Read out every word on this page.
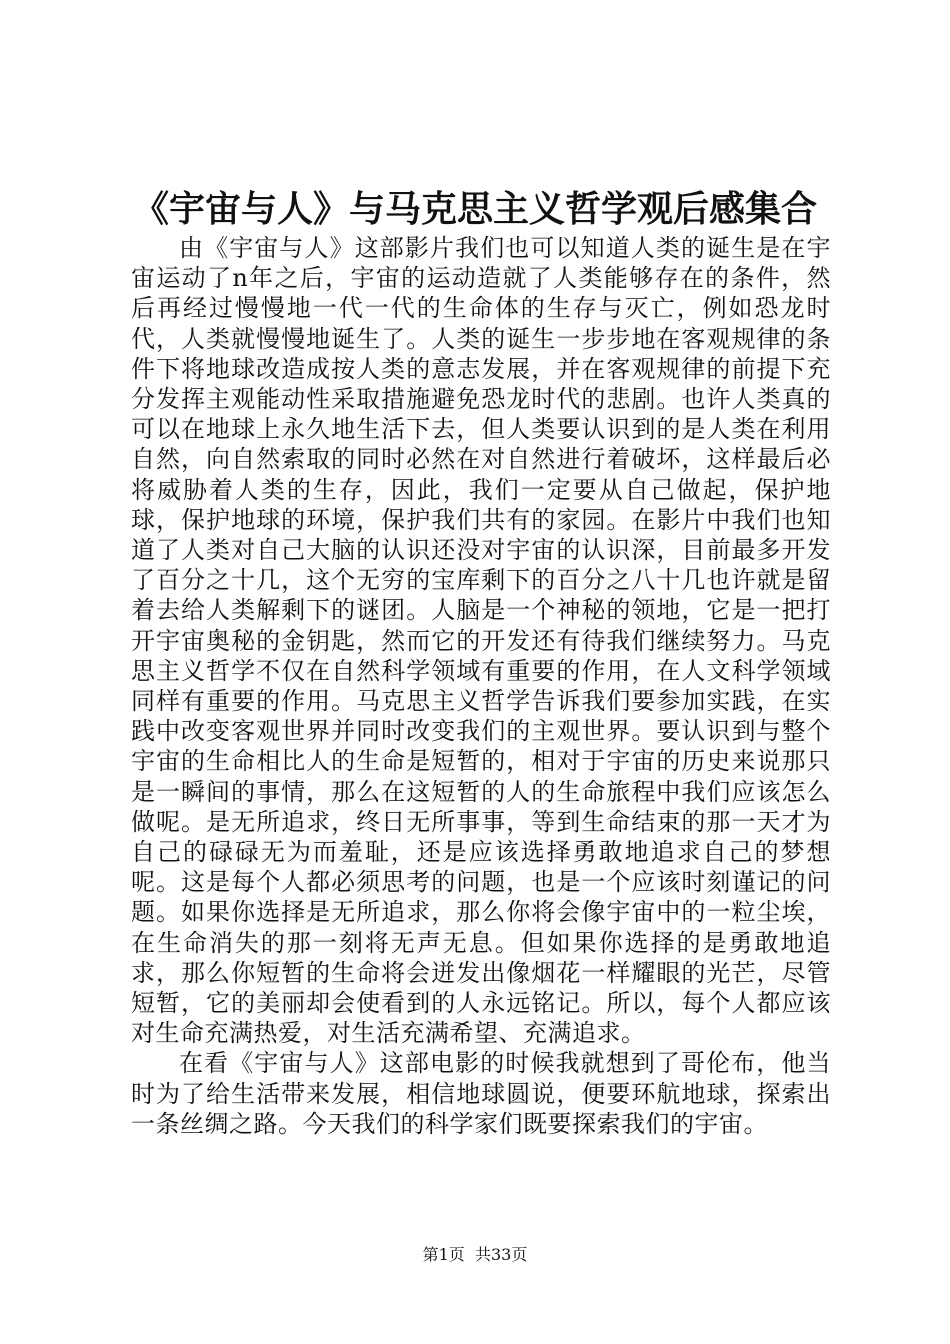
《宇宙与人》与马克思主义哲学观后感集合

由《宇宙与人》这部影片我们也可以知道人类的诞生是在宇宙运动了n年之后，宇宙的运动造就了人类能够存在的条件，然后再经过慢慢地一代一代的生命体的生存与灭亡，例如恐龙时代，人类就慢慢地诞生了。人类的诞生一步步地在客观规律的条件下将地球改造成按人类的意志发展，并在客观规律的前提下充分发挥主观能动性采取措施避免恐龙时代的悲剧。也许人类真的可以在地球上永久地生活下去，但人类要认识到的是人类在利用自然，向自然索取的同时必然在对自然进行着破坏，这样最后必将威胁着人类的生存，因此，我们一定要从自己做起，保护地球，保护地球的环境，保护我们共有的家园。在影片中我们也知道了人类对自己大脑的认识还没对宇宙的认识深，目前最多开发了百分之十几，这个无穷的宝库剩下的百分之八十几也许就是留着去给人类解剩下的谜团。人脑是一个神秘的领地，它是一把打开宇宙奥秘的金钥匙，然而它的开发还有待我们继续努力。马克思主义哲学不仅在自然科学领域有重要的作用，在人文科学领域同样有重要的作用。马克思主义哲学告诉我们要参加实践，在实践中改变客观世界并同时改变我们的主观世界。要认识到与整个宇宙的生命相比人的生命是短暂的，相对于宇宙的历史来说那只是一瞬间的事情，那么在这短暂的人的生命旅程中我们应该怎么做呢。是无所追求，终日无所事事，等到生命结束的那一天才为自己的碌碌无为而羞耻，还是应该选择勇敢地追求自己的梦想呢。这是每个人都必须思考的问题，也是一个应该时刻谨记的问题。如果你选择是无所追求，那么你将会像宇宙中的一粒尘埃，在生命消失的那一刻将无声无息。但如果你选择的是勇敢地追求，那么你短暂的生命将会迸发出像烟花一样耀眼的光芒，尽管短暂，它的美丽却会使看到的人永远铭记。所以，每个人都应该对生命充满热爱，对生活充满希望、充满追求。

在看《宇宙与人》这部电影的时候我就想到了哥伦布，他当时为了给生活带来发展，相信地球圆说，便要环航地球，探索出一条丝绸之路。今天我们的科学家们既要探索我们的宇宙。

第1页 共33页
